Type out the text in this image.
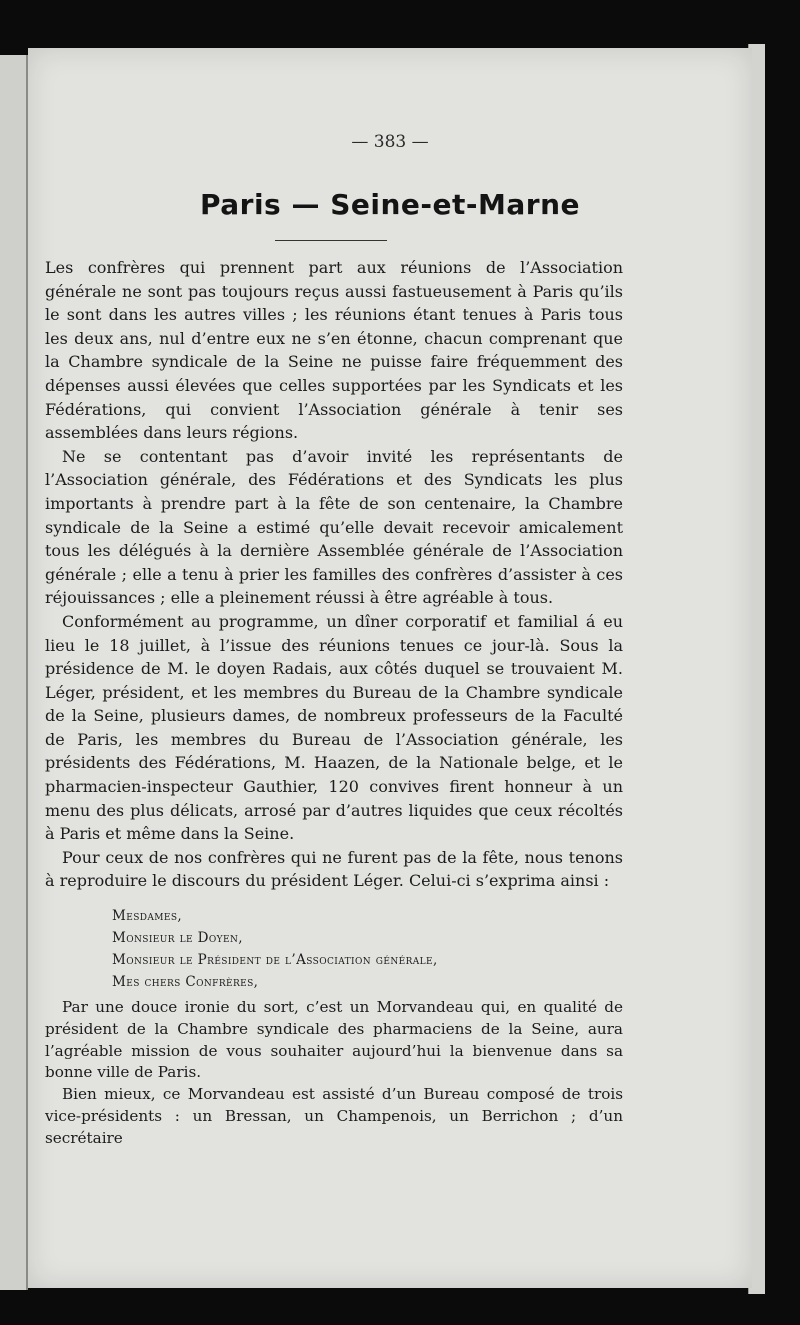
— 383 —

Paris — Seine-et-Marne

Les confrères qui prennent part aux réunions de l’Association générale ne sont pas toujours reçus aussi fastueusement à Paris qu’ils le sont dans les autres villes ; les réunions étant tenues à Paris tous les deux ans, nul d’entre eux ne s’en étonne, chacun comprenant que la Chambre syndicale de la Seine ne puisse faire fréquemment des dépenses aussi élevées que celles supportées par les Syndicats et les Fédérations, qui convient l’Association générale à tenir ses assemblées dans leurs régions.

Ne se contentant pas d’avoir invité les représentants de l’Association générale, des Fédérations et des Syndicats les plus importants à prendre part à la fête de son centenaire, la Chambre syndicale de la Seine a estimé qu’elle devait recevoir amicalement tous les délégués à la dernière Assemblée générale de l’Association générale ; elle a tenu à prier les familles des confrères d’assister à ces réjouissances ; elle a pleinement réussi à être agréable à tous.

Conformément au programme, un dîner corporatif et familial á eu lieu le 18 juillet, à l’issue des réunions tenues ce jour-là. Sous la présidence de M. le doyen Radais, aux côtés duquel se trouvaient M. Léger, président, et les membres du Bureau de la Chambre syndicale de la Seine, plusieurs dames, de nombreux professeurs de la Faculté de Paris, les membres du Bureau de l’Association générale, les présidents des Fédérations, M. Haazen, de la Nationale belge, et le pharmacien-inspecteur Gauthier, 120 convives firent honneur à un menu des plus délicats, arrosé par d’autres liquides que ceux récoltés à Paris et même dans la Seine.

Pour ceux de nos confrères qui ne furent pas de la fête, nous tenons à reproduire le discours du président Léger. Celui-ci s’exprima ainsi :

Mesdames,
Monsieur le Doyen,
Monsieur le Président de l’Association générale,
Mes chers Confrères,

Par une douce ironie du sort, c’est un Morvandeau qui, en qualité de président de la Chambre syndicale des pharmaciens de la Seine, aura l’agréable mission de vous souhaiter aujourd’hui la bienvenue dans sa bonne ville de Paris.

Bien mieux, ce Morvandeau est assisté d’un Bureau composé de trois vice-présidents : un Bressan, un Champenois, un Berrichon ; d’un secrétaire
